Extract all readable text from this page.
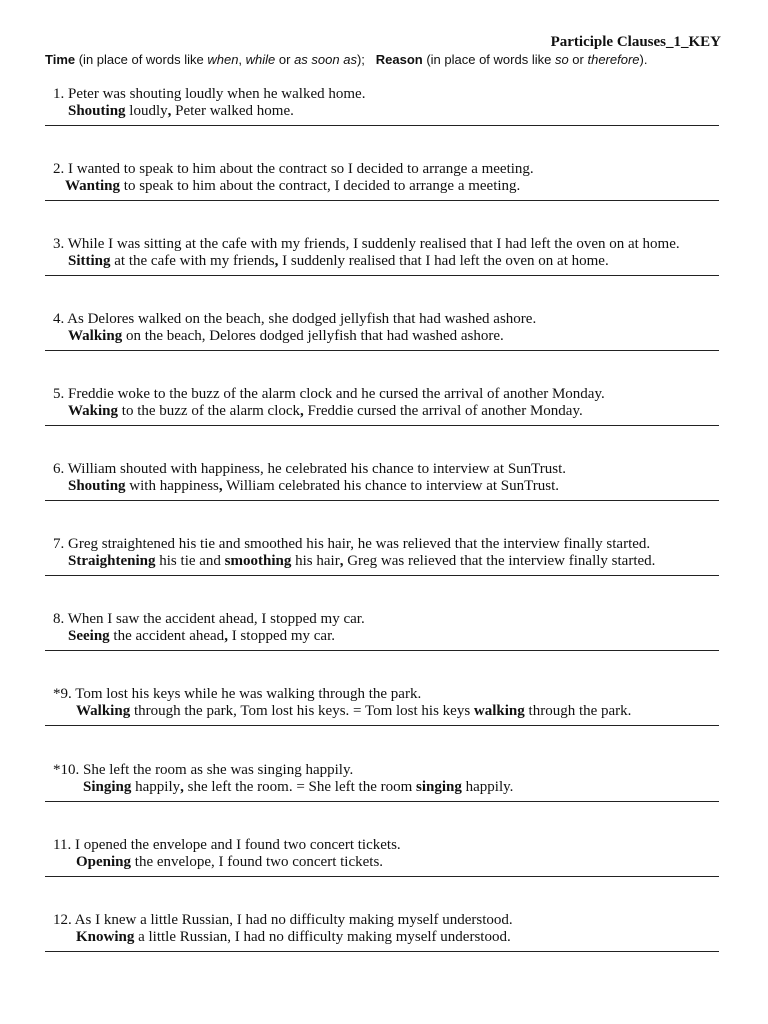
Participle Clauses_1_KEY
Time (in place of words like when, while or as soon as); Reason (in place of words like so or therefore).
1. Peter was shouting loudly when he walked home.
Shouting loudly, Peter walked home.
2. I wanted to speak to him about the contract so I decided to arrange a meeting.
Wanting to speak to him about the contract, I decided to arrange a meeting.
3. While I was sitting at the cafe with my friends, I suddenly realised that I had left the oven on at home.
Sitting at the cafe with my friends, I suddenly realised that I had left the oven on at home.
4. As Delores walked on the beach, she dodged jellyfish that had washed ashore.
Walking on the beach, Delores dodged jellyfish that had washed ashore.
5. Freddie woke to the buzz of the alarm clock and he cursed the arrival of another Monday.
Waking to the buzz of the alarm clock, Freddie cursed the arrival of another Monday.
6. William shouted with happiness, he celebrated his chance to interview at SunTrust.
Shouting with happiness, William celebrated his chance to interview at SunTrust.
7. Greg straightened his tie and smoothed his hair, he was relieved that the interview finally started.
Straightening his tie and smoothing his hair, Greg was relieved that the interview finally started.
8. When I saw the accident ahead, I stopped my car.
Seeing the accident ahead, I stopped my car.
*9. Tom lost his keys while he was walking through the park.
Walking through the park, Tom lost his keys. = Tom lost his keys walking through the park.
*10. She left the room as she was singing happily.
Singing happily, she left the room. = She left the room singing happily.
11. I opened the envelope and I found two concert tickets.
Opening the envelope, I found two concert tickets.
12. As I knew a little Russian, I had no difficulty making myself understood.
Knowing a little Russian, I had no difficulty making myself understood.
